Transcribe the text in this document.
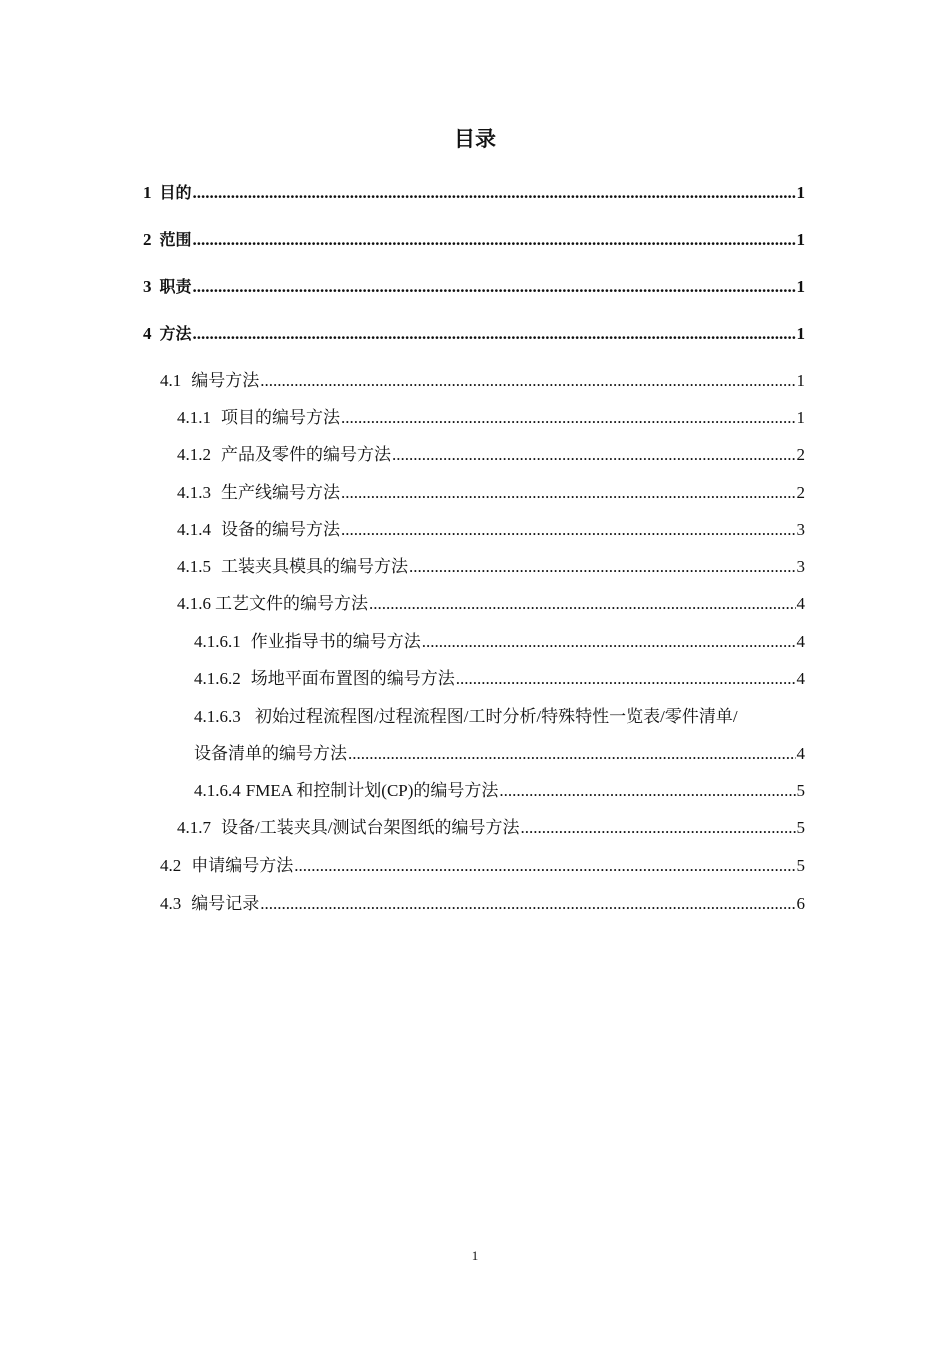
目录
1 目的 .....	1
2 范围 .....	1
3 职责 .....	1
4 方法 .....	1
4.1 编号方法 .....	1
4.1.1 项目的编号方法 .....	1
4.1.2 产品及零件的编号方法 .....	2
4.1.3 生产线编号方法 .....	2
4.1.4 设备的编号方法 .....	3
4.1.5 工装夹具模具的编号方法 .....	3
4.1.6 工艺文件的编号方法 .....	4
4.1.6.1 作业指导书的编号方法 .....	4
4.1.6.2 场地平面布置图的编号方法 .....	4
4.1.6.3 初始过程流程图/过程流程图/工时分析/特殊特性一览表/零件清单/
设备清单的编号方法 .....	4
4.1.6.4 FMEA 和控制计划(CP)的编号方法 .....	5
4.1.7 设备/工装夹具/测试台架图纸的编号方法 .....	5
4.2 申请编号方法 .....	5
4.3 编号记录 .....	6
1
